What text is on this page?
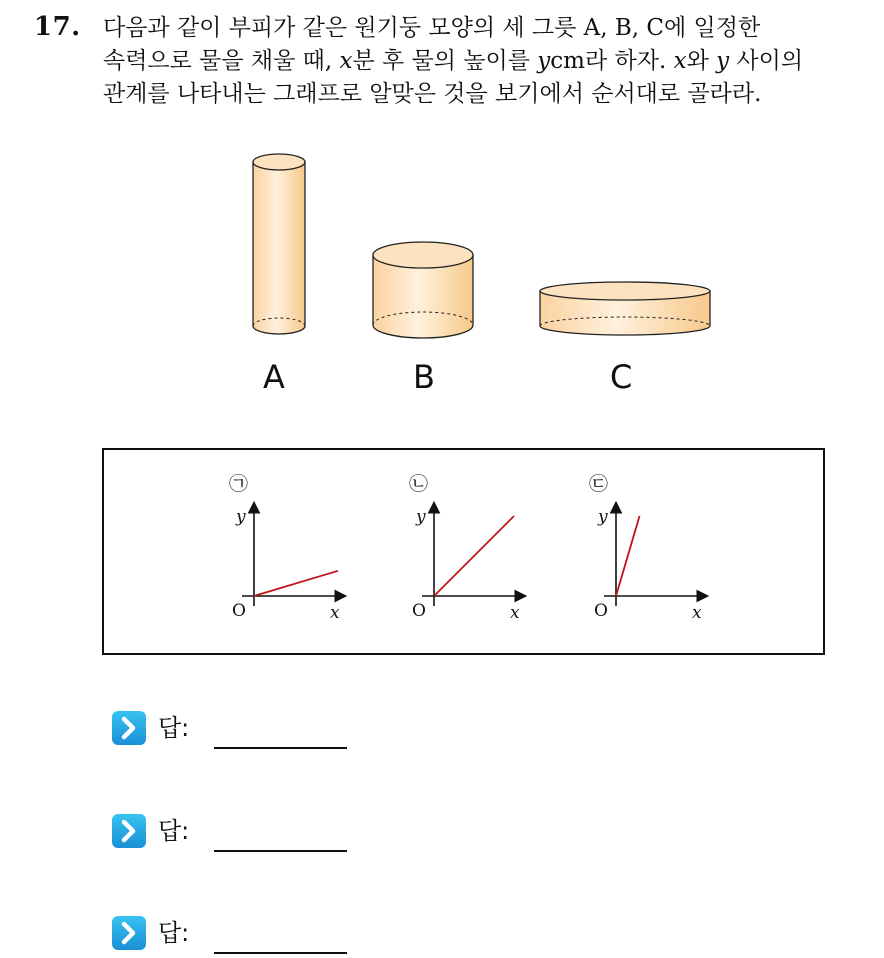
17. 다음과 같이 부피가 같은 원기둥 모양의 세 그릇 A, B, C에 일정한
속력으로 물을 채울 때, x분 후 물의 높이를 ycm라 하자. x와 y 사이의
관계를 나타내는 그래프로 알맞은 것을 보기에서 순서대로 골라라.

A	B	C
㉠
y
x
O
㉡
y
x
O
㉢
y
x
O
답:
답:
답:
